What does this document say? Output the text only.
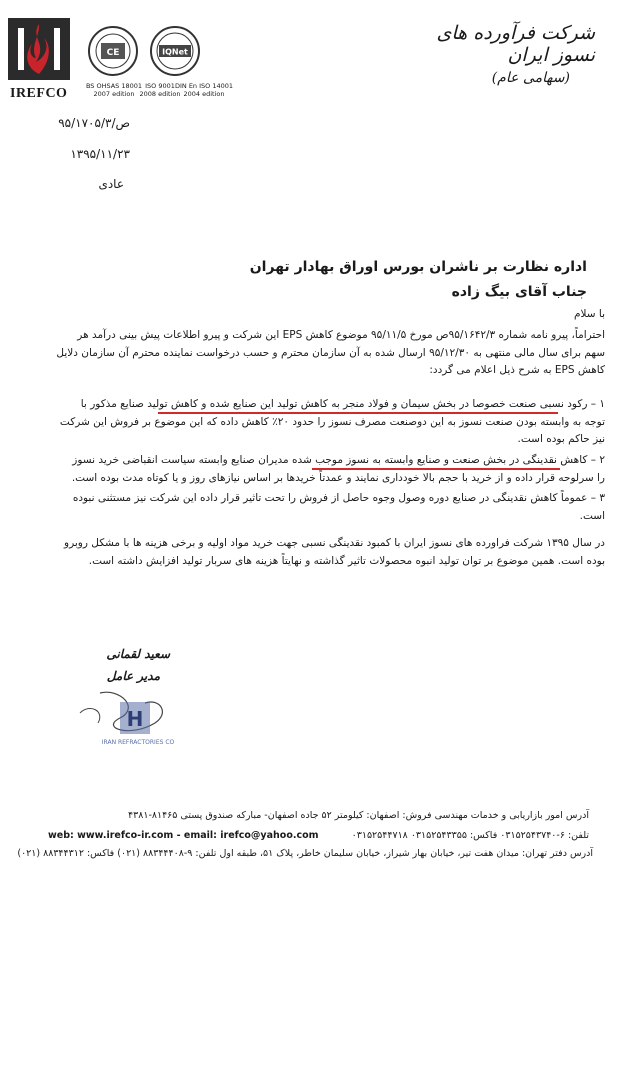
IREFCO
CE	IQNet
BS OHSAS 18001
2007 edition
ISO 9001
2008 edition
DIN En ISO 14001
2004 edition
شرکت فرآورده های نسوز ایران
(سهامی عام)
ص/۹۵/۱۷۰۵/۳
۱۳۹۵/۱۱/۲۳
عادی
اداره نظارت بر ناشران بورس اوراق بهادار تهران
جناب آقای بیگ زاده
با سلام
احتراماً، پیرو نامه شماره ۹۵/۱۶۴۲/۳ص مورخ ۹۵/۱۱/۵ موضوع کاهش EPS این شرکت و پیرو اطلاعات پیش بینی درآمد هر
سهم برای سال مالی منتهی به ۹۵/۱۲/۳۰ ارسال شده به آن سازمان محترم و حسب درخواست نماینده محترم آن سازمان دلایل
کاهش EPS به شرح ذیل اعلام می گردد:
۱ – رکود نسبی صنعت خصوصا در بخش سیمان و فولاد منجر به کاهش تولید این صنایع شده و کاهش تولید صنایع مذکور با
توجه به وابسته بودن صنعت نسوز به این دوصنعت مصرف نسوز را حدود ۲۰٪ کاهش داده که این موضوع بر فروش این شرکت
نیز حاکم بوده است.
۲ – کاهش نقدینگی در بخش صنعت و صنایع وابسته به نسوز موجب شده مدیران صنایع وابسته سیاست انقباضی خرید نسوز
را سرلوحه قرار داده و از خرید با حجم بالا خودداری نمایند و عمدتاً خریدها بر اساس نیازهای روز و یا کوتاه مدت بوده است.
۳ – عموماً کاهش نقدینگی در صنایع دوره وصول وجوه حاصل از فروش را تحت تاثیر قرار داده این شرکت نیز مستثنی نبوده
است.
در سال ۱۳۹۵ شرکت فراورده های نسوز ایران با کمبود نقدینگی نسبی جهت خرید مواد اولیه و برخی هزینه ها با مشکل روبرو
بوده است. همین موضوع بر توان تولید انبوه محصولات تاثیر گذاشته و نهایتاً هزینه های سربار تولید افزایش داشته است.
سعید لقمانی
مدیر عامل
H
IRAN REFRACTORIES CO
آدرس امور بازاریابی و خدمات مهندسی فروش: اصفهان: کیلومتر ۵۲ جاده اصفهان- مبارکه صندوق پستی ۸۱۴۶۵-۴۳۸۱
web: www.irefco-ir.com - email: irefco@yahoo.com	تلفن: ۶-۰۳۱۵۲۵۴۳۷۴۰ فاکس: ۰۳۱۵۲۵۴۳۳۵۵ ۰۳۱۵۲۵۴۴۷۱۸
آدرس دفتر تهران: میدان هفت تیر، خیابان بهار شیراز، خیابان سلیمان خاطر، پلاک ۵۱، طبقه اول تلفن: ۹-۸۸۳۴۴۴۰۸ (۰۲۱) فاکس: ۸۸۳۴۴۳۱۲ (۰۲۱)
